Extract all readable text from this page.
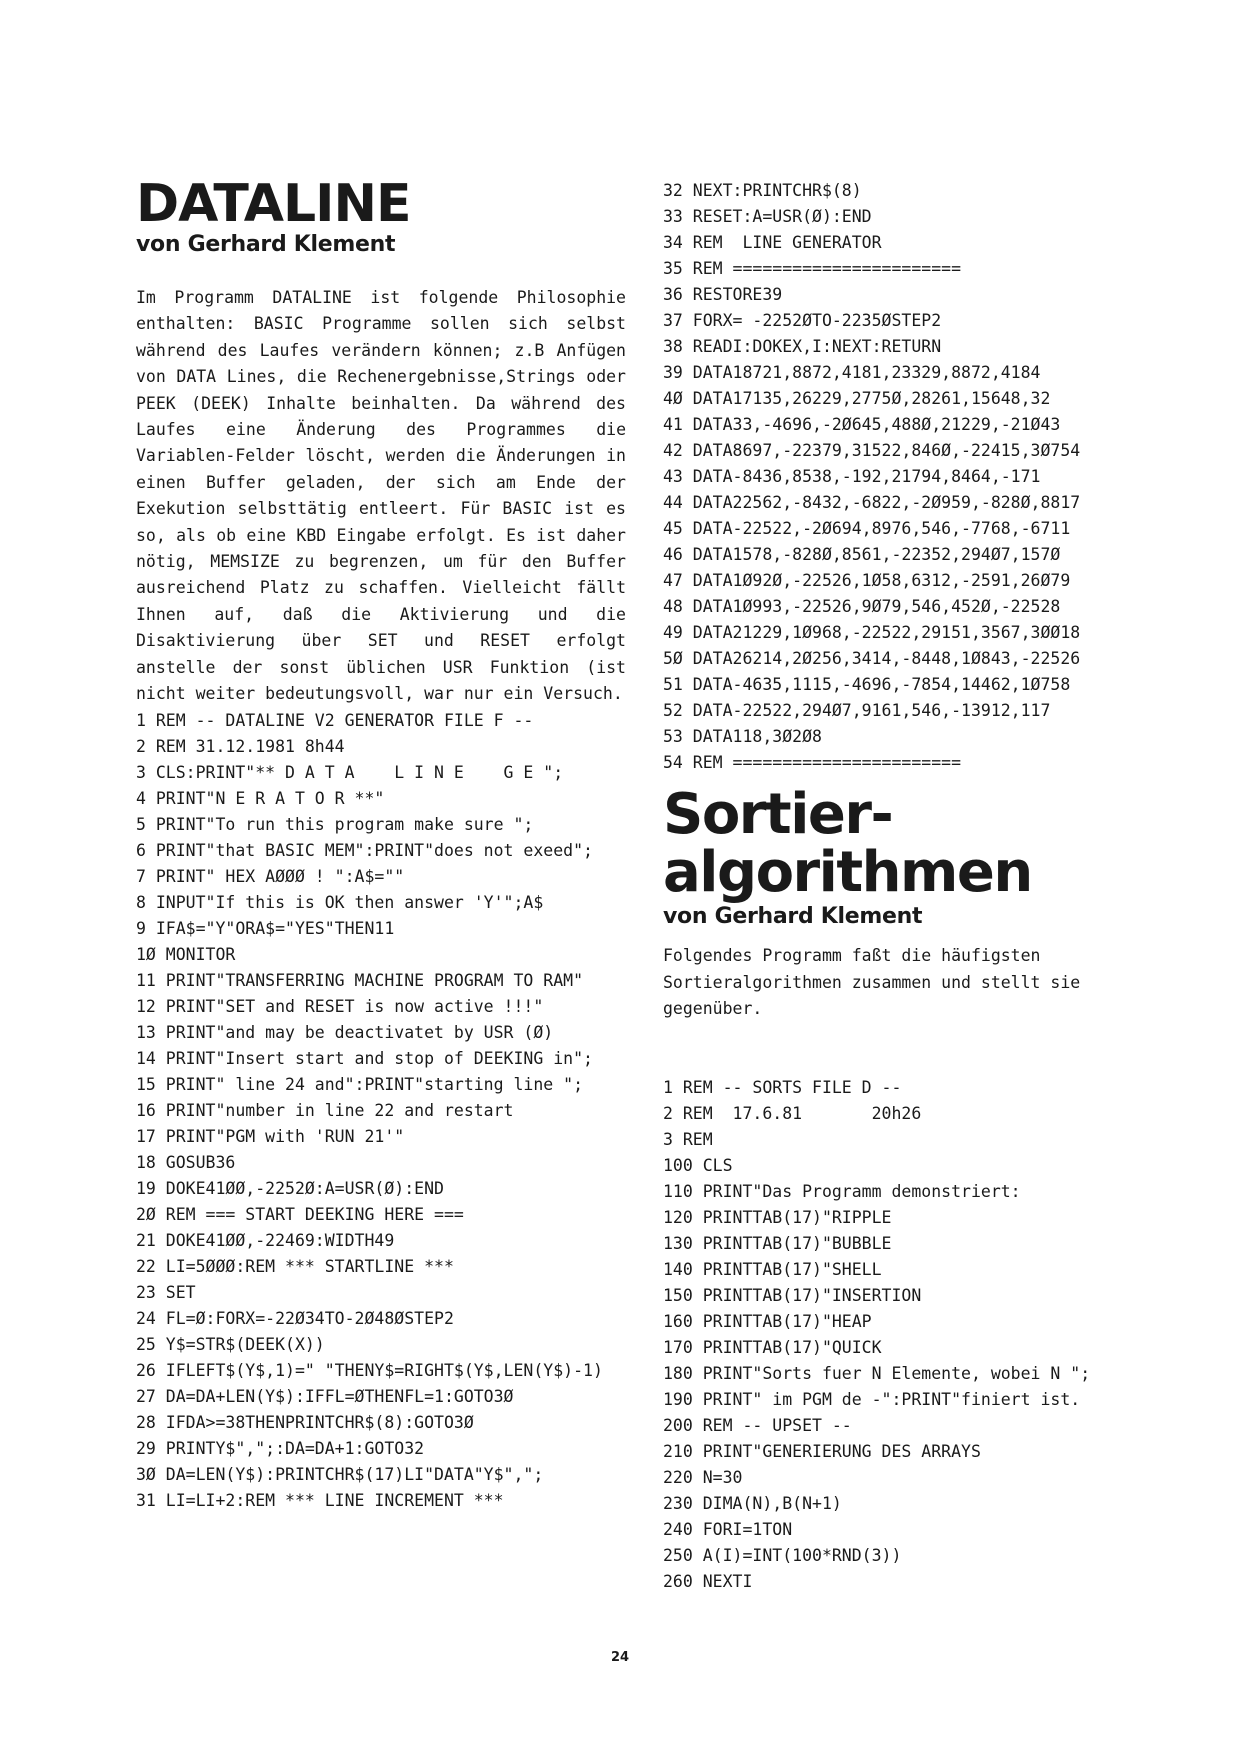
DATALINE
von Gerhard Klement

Im Programm DATALINE ist folgende Philosophie enthalten: BASIC Programme sollen sich selbst während des Laufes verändern können; z.B Anfügen von DATA Lines, die Rechenergebnisse,Strings oder PEEK (DEEK) Inhalte beinhalten. Da während des Laufes eine Änderung des Programmes die Variablen-Felder löscht, werden die Änderungen in einen Buffer geladen, der sich am Ende der Exekution selbsttätig entleert. Für BASIC ist es so, als ob eine KBD Eingabe erfolgt. Es ist daher nötig, MEMSIZE zu begrenzen, um für den Buffer ausreichend Platz zu schaffen. Vielleicht fällt Ihnen auf, daß die Aktivierung und die Disaktivierung über SET und RESET erfolgt anstelle der sonst üblichen USR Funktion (ist nicht weiter bedeutungsvoll, war nur ein Versuch.

1 REM -- DATALINE V2 GENERATOR FILE F --
2 REM 31.12.1981 8h44
3 CLS:PRINT"** D A T A    L I N E    G E ";
4 PRINT"N E R A T O R **"
5 PRINT"To run this program make sure ";
6 PRINT"that BASIC MEM":PRINT"does not exeed";
7 PRINT" HEX AØØØ ! ":A$=""
8 INPUT"If this is OK then answer 'Y'";A$
9 IFA$="Y"ORA$="YES"THEN11
1Ø MONITOR
11 PRINT"TRANSFERRING MACHINE PROGRAM TO RAM"
12 PRINT"SET and RESET is now active !!!"
13 PRINT"and may be deactivatet by USR (Ø)
14 PRINT"Insert start and stop of DEEKING in";
15 PRINT" line 24 and":PRINT"starting line ";
16 PRINT"number in line 22 and restart
17 PRINT"PGM with 'RUN 21'"
18 GOSUB36
19 DOKE41ØØ,-2252Ø:A=USR(Ø):END
2Ø REM === START DEEKING HERE ===
21 DOKE41ØØ,-22469:WIDTH49
22 LI=5ØØØ:REM *** STARTLINE ***
23 SET
24 FL=Ø:FORX=-22Ø34TO-2Ø48ØSTEP2
25 Y$=STR$(DEEK(X))
26 IFLEFT$(Y$,1)=" "THENY$=RIGHT$(Y$,LEN(Y$)-1)
27 DA=DA+LEN(Y$):IFFL=ØTHENFL=1:GOTO3Ø
28 IFDA>=38THENPRINTCHR$(8):GOTO3Ø
29 PRINTY$",";:DA=DA+1:GOTO32
3Ø DA=LEN(Y$):PRINTCHR$(17)LI"DATA"Y$",";
31 LI=LI+2:REM *** LINE INCREMENT ***
32 NEXT:PRINTCHR$(8)
33 RESET:A=USR(Ø):END
34 REM  LINE GENERATOR
35 REM =======================
36 RESTORE39
37 FORX= -2252ØTO-2235ØSTEP2
38 READI:DOKEX,I:NEXT:RETURN
39 DATA18721,8872,4181,23329,8872,4184
4Ø DATA17135,26229,2775Ø,28261,15648,32
41 DATA33,-4696,-2Ø645,488Ø,21229,-21Ø43
42 DATA8697,-22379,31522,846Ø,-22415,3Ø754
43 DATA-8436,8538,-192,21794,8464,-171
44 DATA22562,-8432,-6822,-2Ø959,-828Ø,8817
45 DATA-22522,-2Ø694,8976,546,-7768,-6711
46 DATA1578,-828Ø,8561,-22352,294Ø7,157Ø
47 DATA1Ø92Ø,-22526,1Ø58,6312,-2591,26Ø79
48 DATA1Ø993,-22526,9Ø79,546,452Ø,-22528
49 DATA21229,1Ø968,-22522,29151,3567,3ØØ18
5Ø DATA26214,2Ø256,3414,-8448,1Ø843,-22526
51 DATA-4635,1115,-4696,-7854,14462,1Ø758
52 DATA-22522,294Ø7,9161,546,-13912,117
53 DATA118,3Ø2Ø8
54 REM =======================
Sortier-
algorithmen
von Gerhard Klement

Folgendes Programm faßt die häufigsten Sortieralgorithmen zusammen und stellt sie gegenüber.

1 REM -- SORTS FILE D --
2 REM  17.6.81       20h26
3 REM
100 CLS
110 PRINT"Das Programm demonstriert:
120 PRINTTAB(17)"RIPPLE
130 PRINTTAB(17)"BUBBLE
140 PRINTTAB(17)"SHELL
150 PRINTTAB(17)"INSERTION
160 PRINTTAB(17)"HEAP
170 PRINTTAB(17)"QUICK
180 PRINT"Sorts fuer N Elemente, wobei N ";
190 PRINT" im PGM de -":PRINT"finiert ist.
200 REM -- UPSET --
210 PRINT"GENERIERUNG DES ARRAYS
220 N=30
230 DIMA(N),B(N+1)
240 FORI=1TON
250 A(I)=INT(100*RND(3))
260 NEXTI
24
